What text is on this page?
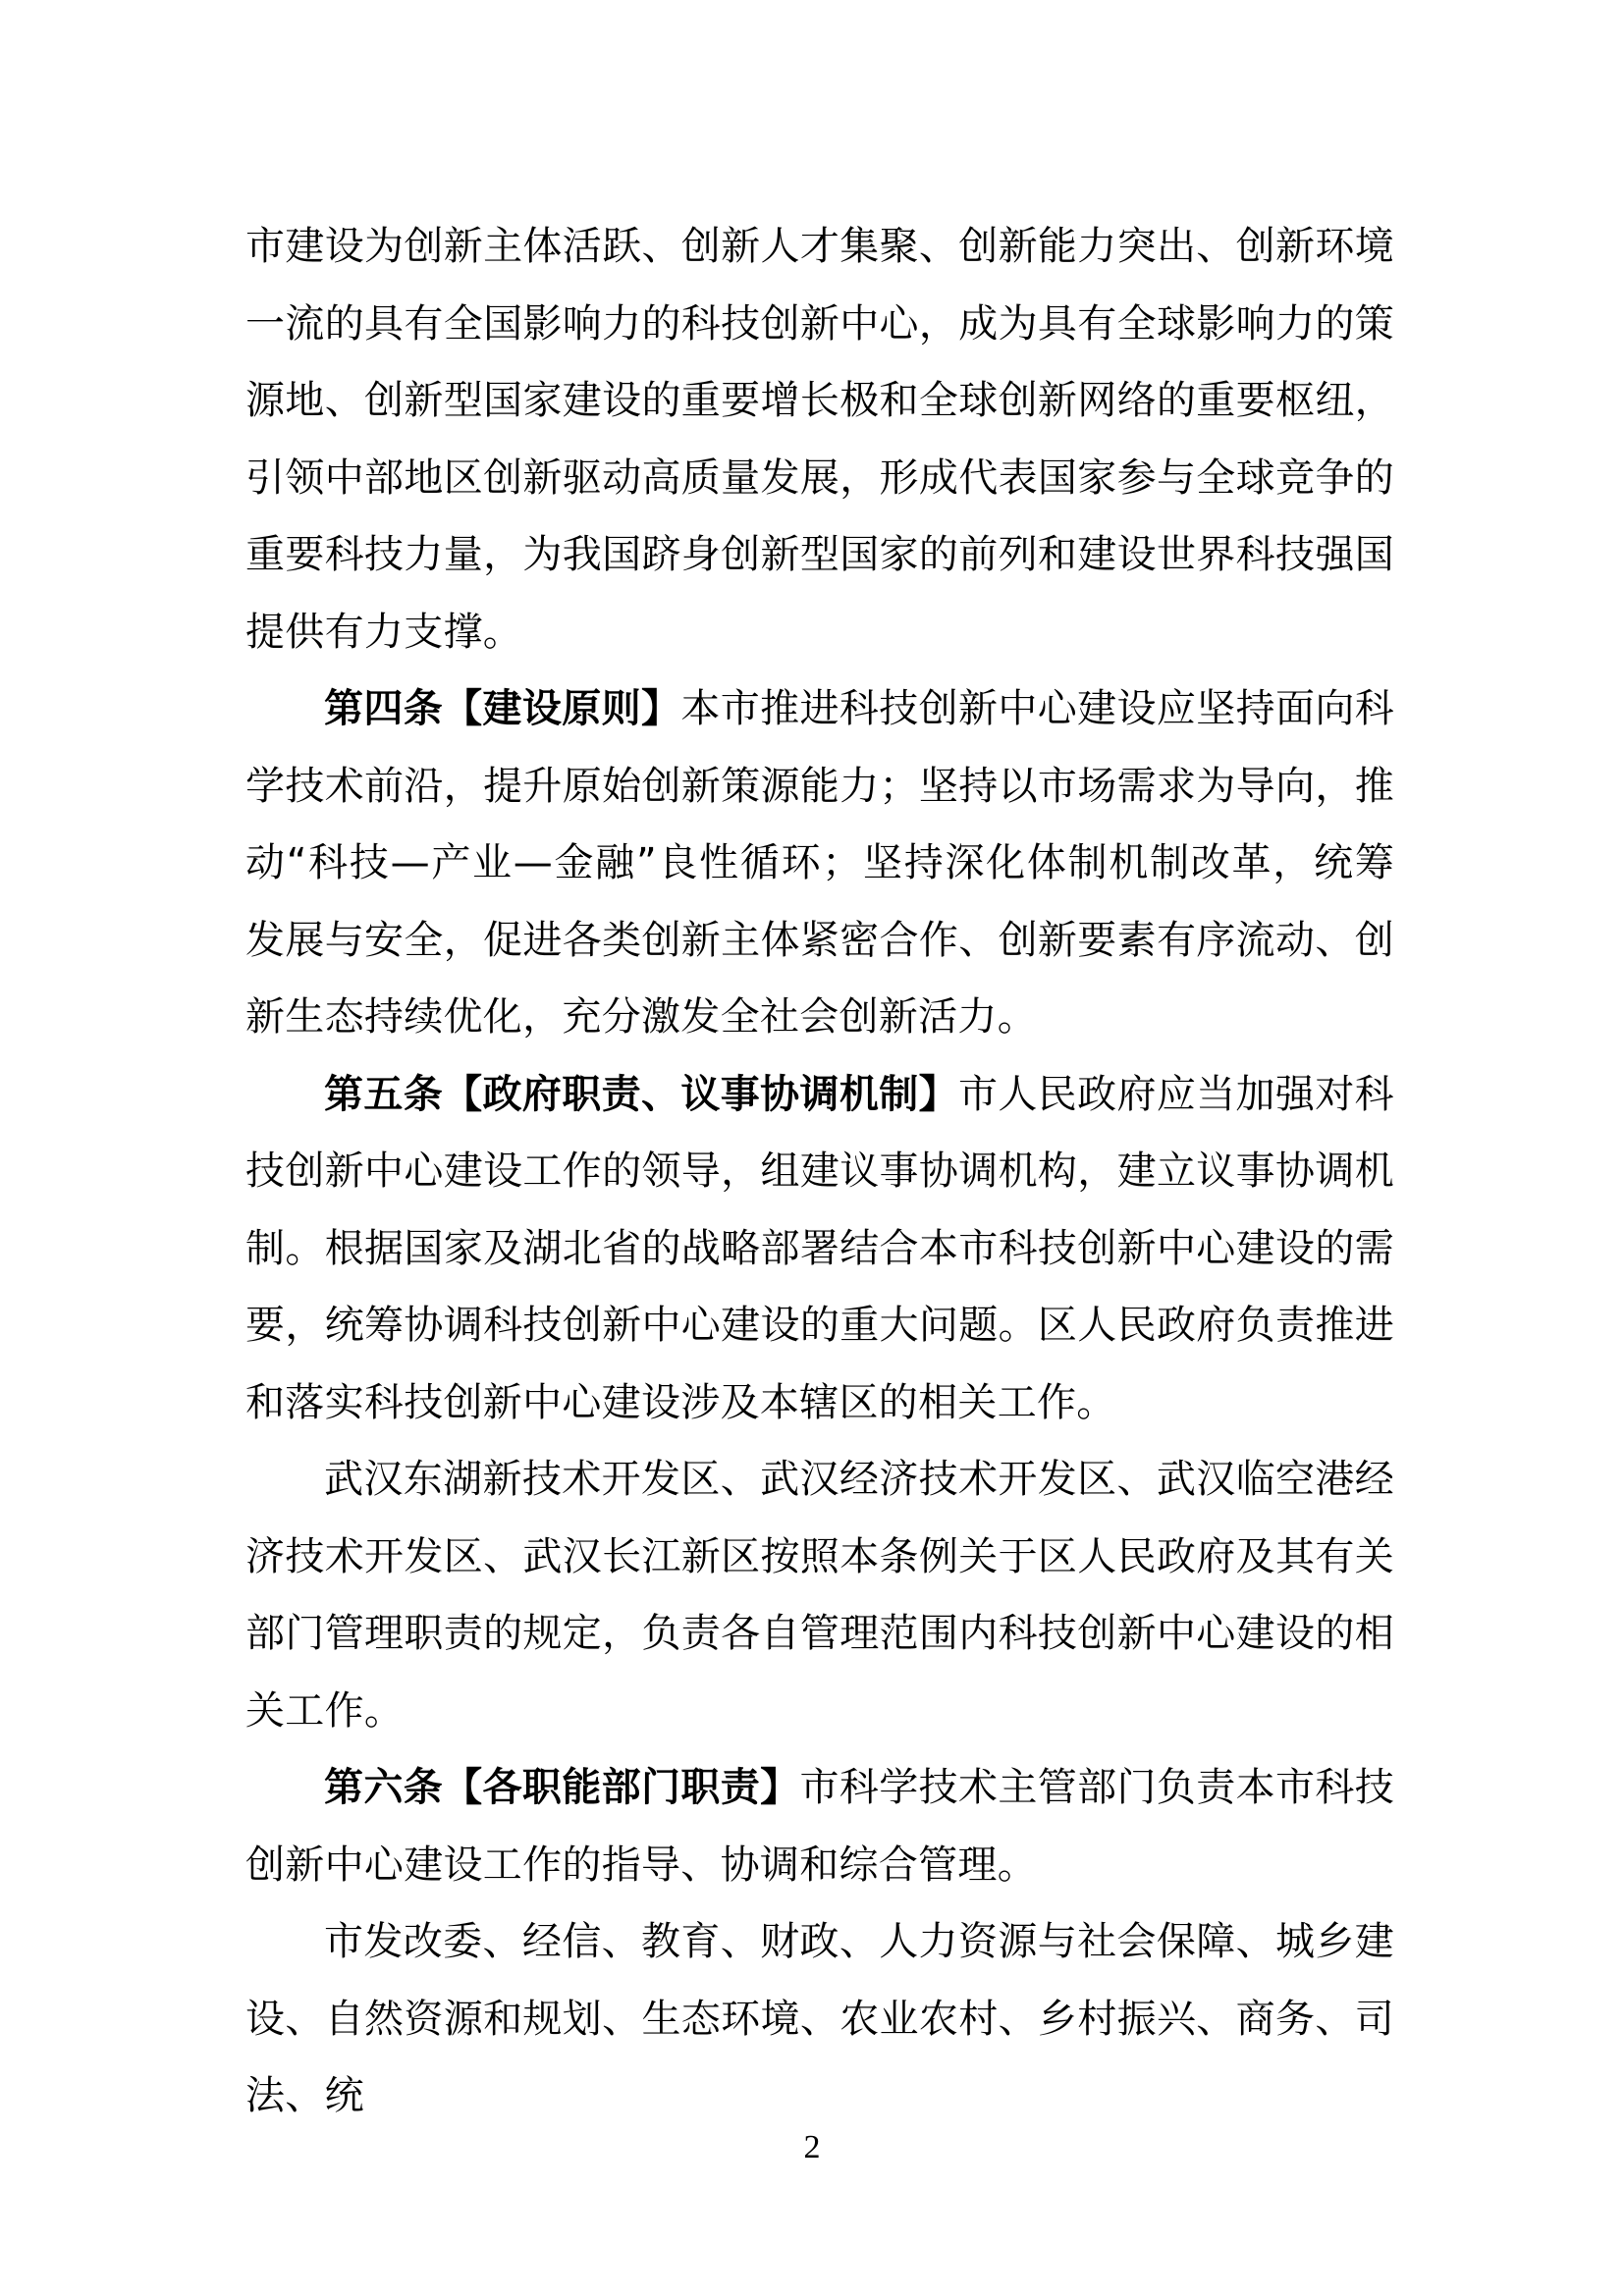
市建设为创新主体活跃、创新人才集聚、创新能力突出、创新环境一流的具有全国影响力的科技创新中心，成为具有全球影响力的策源地、创新型国家建设的重要增长极和全球创新网络的重要枢纽，引领中部地区创新驱动高质量发展，形成代表国家参与全球竞争的重要科技力量，为我国跻身创新型国家的前列和建设世界科技强国提供有力支撑。

第四条【建设原则】本市推进科技创新中心建设应坚持面向科学技术前沿，提升原始创新策源能力；坚持以市场需求为导向，推动“科技—产业—金融”良性循环；坚持深化体制机制改革，统筹发展与安全，促进各类创新主体紧密合作、创新要素有序流动、创新生态持续优化，充分激发全社会创新活力。

第五条【政府职责、议事协调机制】市人民政府应当加强对科技创新中心建设工作的领导，组建议事协调机构，建立议事协调机制。根据国家及湖北省的战略部署结合本市科技创新中心建设的需要，统筹协调科技创新中心建设的重大问题。区人民政府负责推进和落实科技创新中心建设涉及本辖区的相关工作。

武汉东湖新技术开发区、武汉经济技术开发区、武汉临空港经济技术开发区、武汉长江新区按照本条例关于区人民政府及其有关部门管理职责的规定，负责各自管理范围内科技创新中心建设的相关工作。

第六条【各职能部门职责】市科学技术主管部门负责本市科技创新中心建设工作的指导、协调和综合管理。

市发改委、经信、教育、财政、人力资源与社会保障、城乡建设、自然资源和规划、生态环境、农业农村、乡村振兴、商务、司法、统

2
